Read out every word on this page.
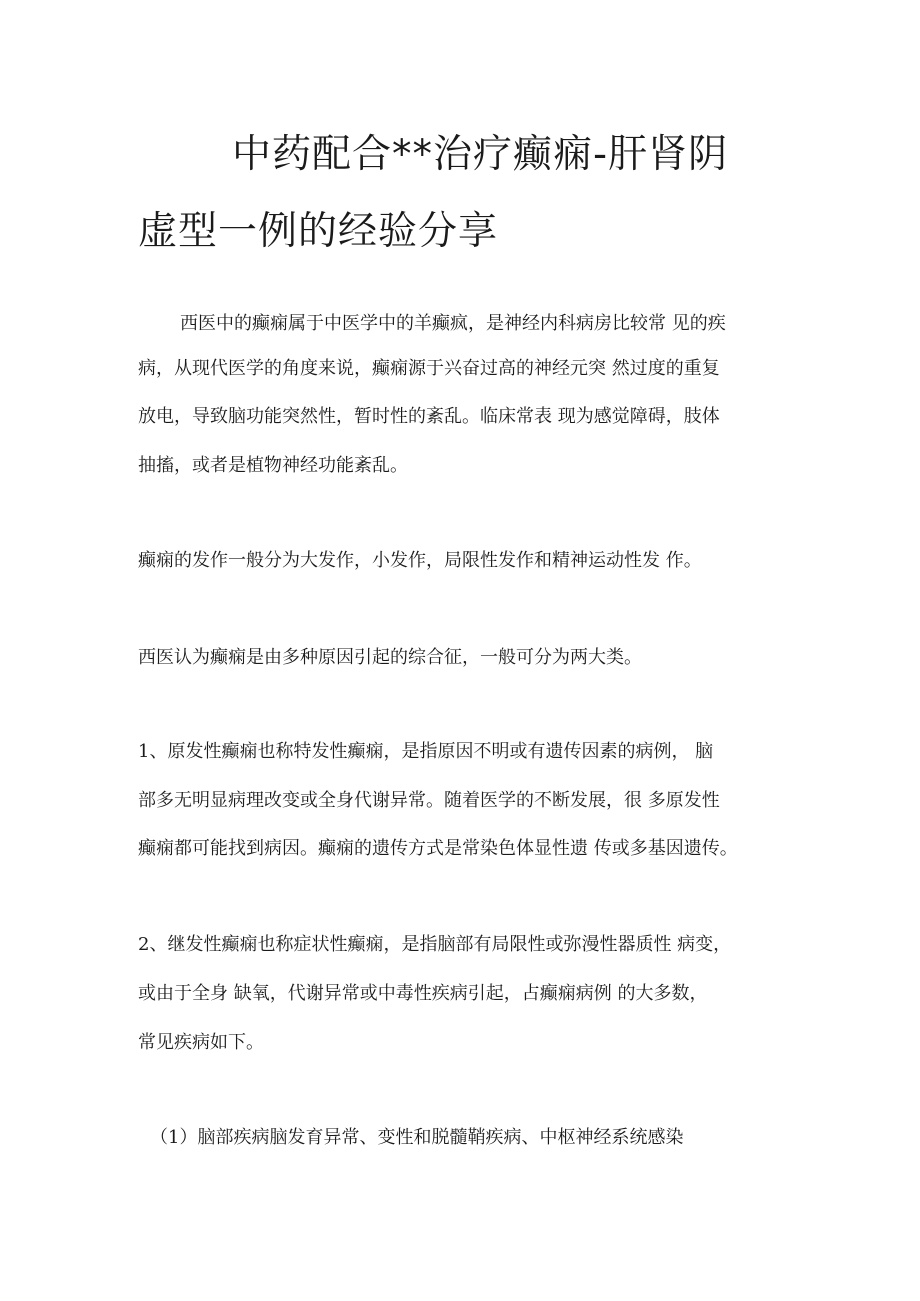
中药配合**治疗癫痫-肝肾阴
虚型一例的经验分享
西医中的癫痫属于中医学中的羊癫疯，是神经内科病房比较常 见的疾
病，从现代医学的角度来说，癫痫源于兴奋过高的神经元突 然过度的重复
放电，导致脑功能突然性，暂时性的紊乱。临床常表 现为感觉障碍，肢体
抽搐，或者是植物神经功能紊乱。
癫痫的发作一般分为大发作，小发作，局限性发作和精神运动性发 作。
西医认为癫痫是由多种原因引起的综合征，一般可分为两大类。
1、原发性癫痫也称特发性癫痫，是指原因不明或有遗传因素的病例， 脑
部多无明显病理改变或全身代谢异常。随着医学的不断发展，很 多原发性
癫痫都可能找到病因。癫痫的遗传方式是常染色体显性遗 传或多基因遗传。
2、继发性癫痫也称症状性癫痫，是指脑部有局限性或弥漫性器质性 病变，
或由于全身 缺氧，代谢异常或中毒性疾病引起，占癫痫病例 的大多数，
常见疾病如下。
（1）脑部疾病脑发育异常、变性和脱髓鞘疾病、中枢神经系统感染
